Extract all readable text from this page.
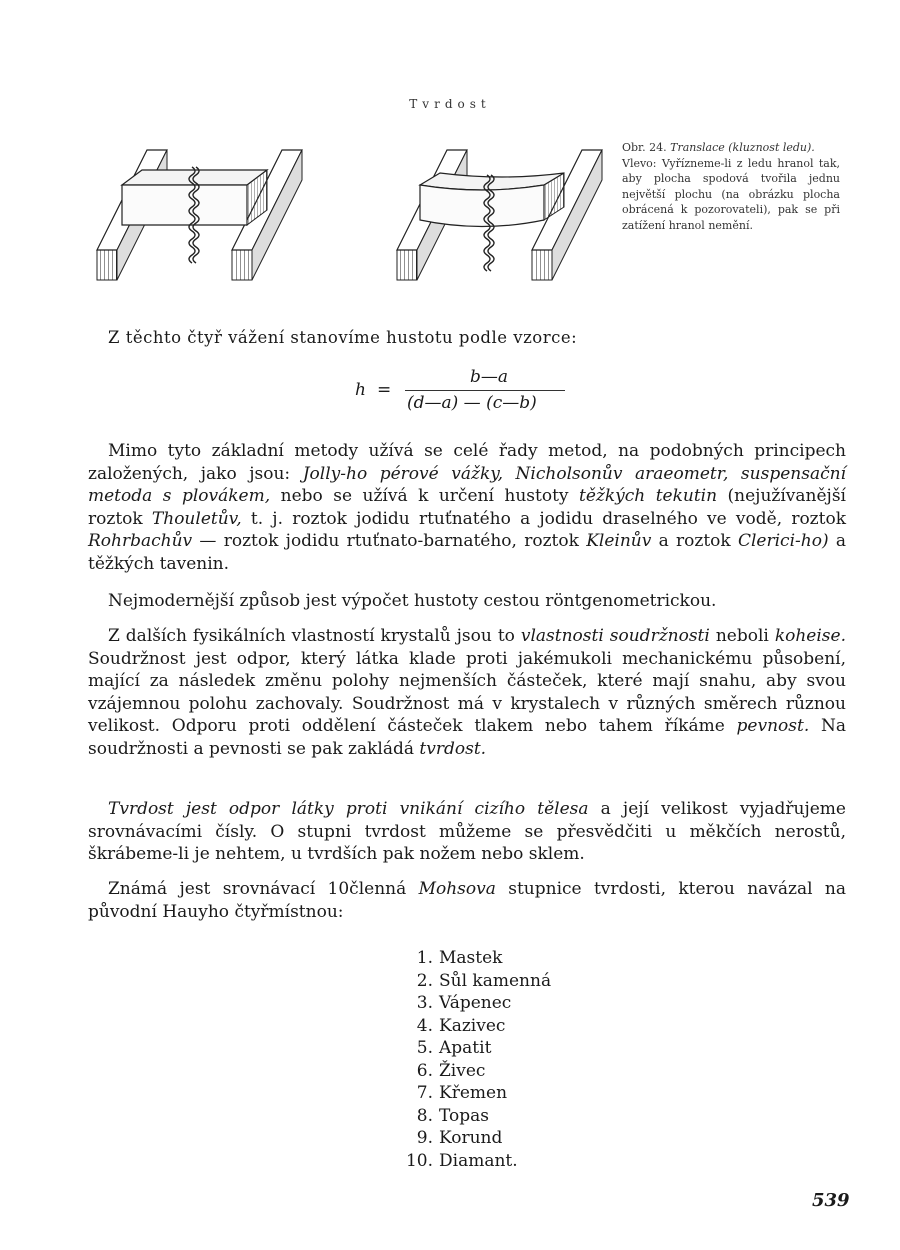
Tvrdost

Obr. 24. Translace (kluznost ledu).

Vlevo: Vyřízneme-li z ledu hranol tak, aby plocha spodová tvořila jednu největší plochu (na obrázku plocha obrácená k pozorovateli), pak se při zatížení hranol nemění.

Z těchto čtyř vážení stanovíme hustotu podle vzorce:
h =
b—a
(d—a) — (c—b)

Mimo tyto základní metody užívá se celé řady metod, na podobných principech založených, jako jsou: Jolly-ho pérové vážky, Nicholsonův araeometr, suspensační metoda s plovákem, nebo se užívá k určení hustoty těžkých tekutin (nejužívanější roztok Thouletův, t. j. roztok jodidu rtuťnatého a jodidu draselného ve vodě, roztok Rohrbachův — roztok jodidu rtuťnato-barnatého, roztok Kleinův a roztok Clerici-ho) a těžkých tavenin.

Nejmodernější způsob jest výpočet hustoty cestou röntgenometrickou.

Z dalších fysikálních vlastností krystalů jsou to vlastnosti soudržnosti neboli koheise. Soudržnost jest odpor, který látka klade proti jakémukoli mechanickému působení, mající za následek změnu polohy nejmenších částeček, které mají snahu, aby svou vzájemnou polohu zachovaly. Soudržnost má v krystalech v různých směrech různou velikost. Odporu proti oddělení částeček tlakem nebo tahem říkáme pevnost. Na soudržnosti a pevnosti se pak zakládá tvrdost.

Tvrdost jest odpor látky proti vnikání cizího tělesa a její velikost vyjadřujeme srovnávacími čísly. O stupni tvrdost můžeme se přesvědčiti u měkčích nerostů, škrábeme-li je nehtem, u tvrdších pak nožem nebo sklem.

Známá jest srovnávací 10členná Mohsova stupnice tvrdosti, kterou navázal na původní Hauyho čtyřmístnou:

1. Mastek
2. Sůl kamenná
3. Vápenec
4. Kazivec
5. Apatit
6. Živec
7. Křemen
8. Topas
9. Korund
10. Diamant.
539
